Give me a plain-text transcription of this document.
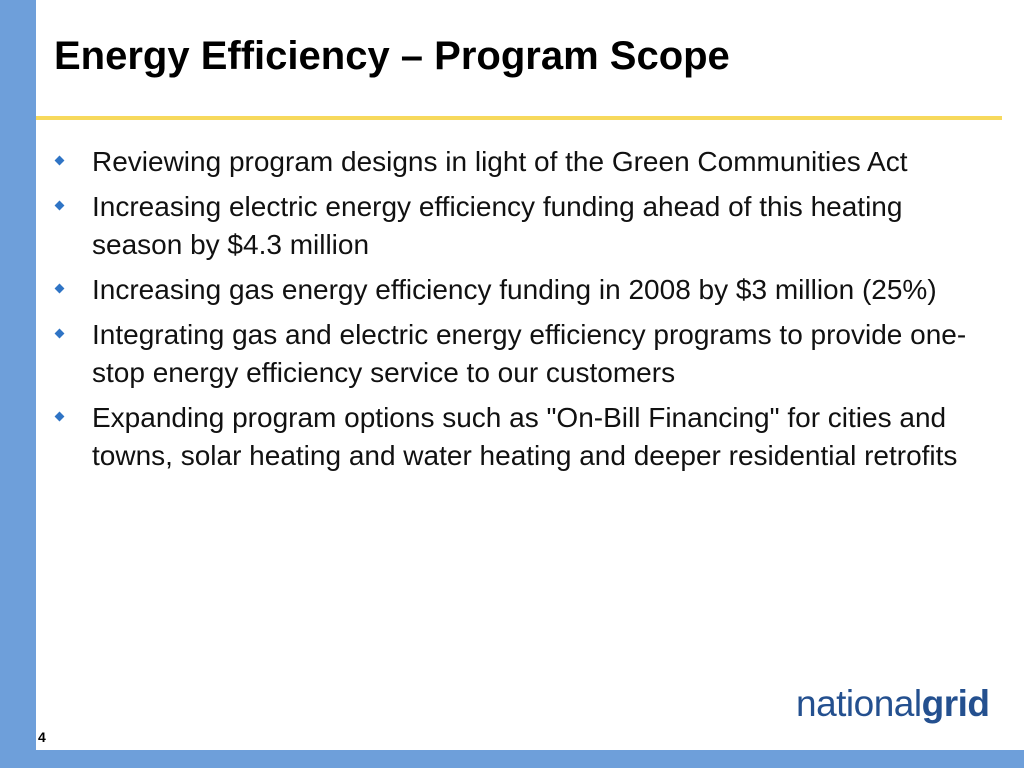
Energy Efficiency – Program Scope
Reviewing program designs in light of the Green Communities Act
Increasing electric energy efficiency funding ahead of this heating season by $4.3 million
Increasing gas energy efficiency funding in 2008 by $3 million (25%)
Integrating gas and electric energy efficiency programs to provide one-stop energy efficiency service to our customers
Expanding program options such as "On-Bill Financing" for cities and towns, solar heating and water heating and deeper residential retrofits
4
nationalgrid
